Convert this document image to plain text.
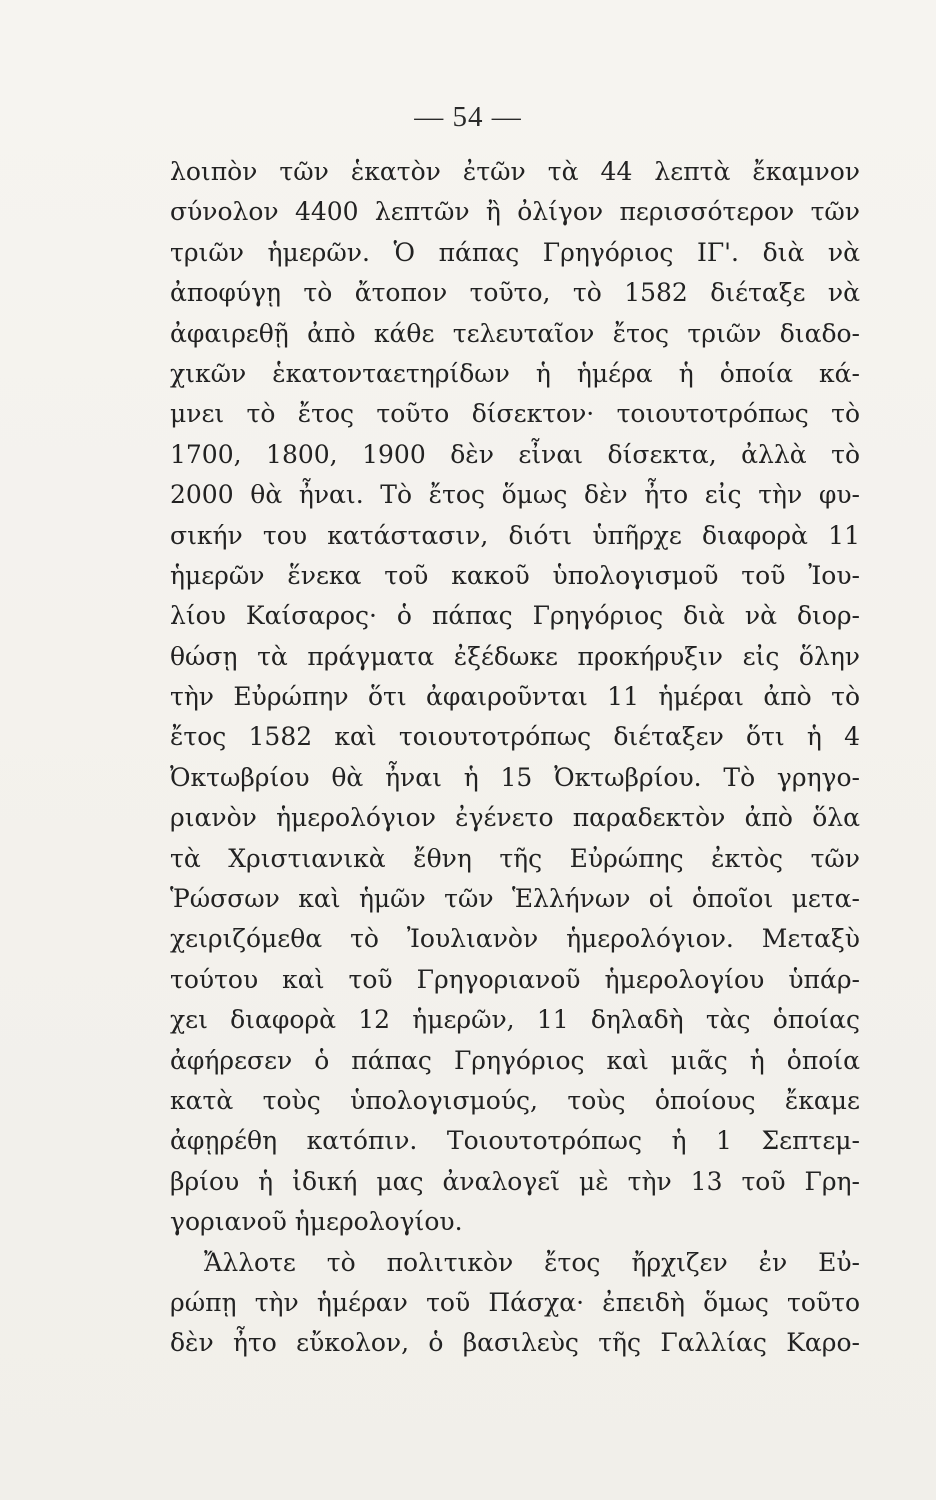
— 54 —
λοιπὸν τῶν ἑκατὸν ἐτῶν τὰ 44 λεπτὰ ἔκαμνον
σύνολον 4400 λεπτῶν ἢ ὀλίγον περισσότερον τῶν
τριῶν ἡμερῶν. Ὁ πάπας Γρηγόριος ΙΓ'. διὰ νὰ
ἀποφύγῃ τὸ ἄτοπον τοῦτο, τὸ 1582 διέταξε νὰ
ἀφαιρεθῇ ἀπὸ κάθε τελευταῖον ἔτος τριῶν διαδο-
χικῶν ἑκατονταετηρίδων ἡ ἡμέρα ἡ ὁποία κά-
μνει τὸ ἔτος τοῦτο δίσεκτον· τοιουτοτρόπως τὸ
1700, 1800, 1900 δὲν εἶναι δίσεκτα, ἀλλὰ τὸ
2000 θὰ ἦναι. Τὸ ἔτος ὅμως δὲν ἦτο εἰς τὴν φυ-
σικήν του κατάστασιν, διότι ὑπῆρχε διαφορὰ 11
ἡμερῶν ἕνεκα τοῦ κακοῦ ὑπολογισμοῦ τοῦ Ἰου-
λίου Καίσαρος· ὁ πάπας Γρηγόριος διὰ νὰ διορ-
θώσῃ τὰ πράγματα ἐξέδωκε προκήρυξιν εἰς ὅλην
τὴν Εὐρώπην ὅτι ἀφαιροῦνται 11 ἡμέραι ἀπὸ τὸ
ἔτος 1582 καὶ τοιουτοτρόπως διέταξεν ὅτι ἡ 4
Ὀκτωβρίου θὰ ἦναι ἡ 15 Ὀκτωβρίου. Τὸ γρηγο-
ριανὸν ἡμερολόγιον ἐγένετο παραδεκτὸν ἀπὸ ὅλα
τὰ Χριστιανικὰ ἔθνη τῆς Εὐρώπης ἐκτὸς τῶν
Ῥώσσων καὶ ἡμῶν τῶν Ἑλλήνων οἱ ὁποῖοι μετα-
χειριζόμεθα τὸ Ἰουλιανὸν ἡμερολόγιον. Μεταξὺ
τούτου καὶ τοῦ Γρηγοριανοῦ ἡμερολογίου ὑπάρ-
χει διαφορὰ 12 ἡμερῶν, 11 δηλαδὴ τὰς ὁποίας
ἀφήρεσεν ὁ πάπας Γρηγόριος καὶ μιᾶς ἡ ὁποία
κατὰ τοὺς ὑπολογισμούς, τοὺς ὁποίους ἔκαμε
ἀφῃρέθη κατόπιν. Τοιουτοτρόπως ἡ 1 Σεπτεμ-
βρίου ἡ ἰδική μας ἀναλογεῖ μὲ τὴν 13 τοῦ Γρη-
γοριανοῦ ἡμερολογίου.
Ἄλλοτε τὸ πολιτικὸν ἔτος ἤρχιζεν ἐν Εὐ-
ρώπῃ τὴν ἡμέραν τοῦ Πάσχα· ἐπειδὴ ὅμως τοῦτο
δὲν ἦτο εὔκολον, ὁ βασιλεὺς τῆς Γαλλίας Καρο-
